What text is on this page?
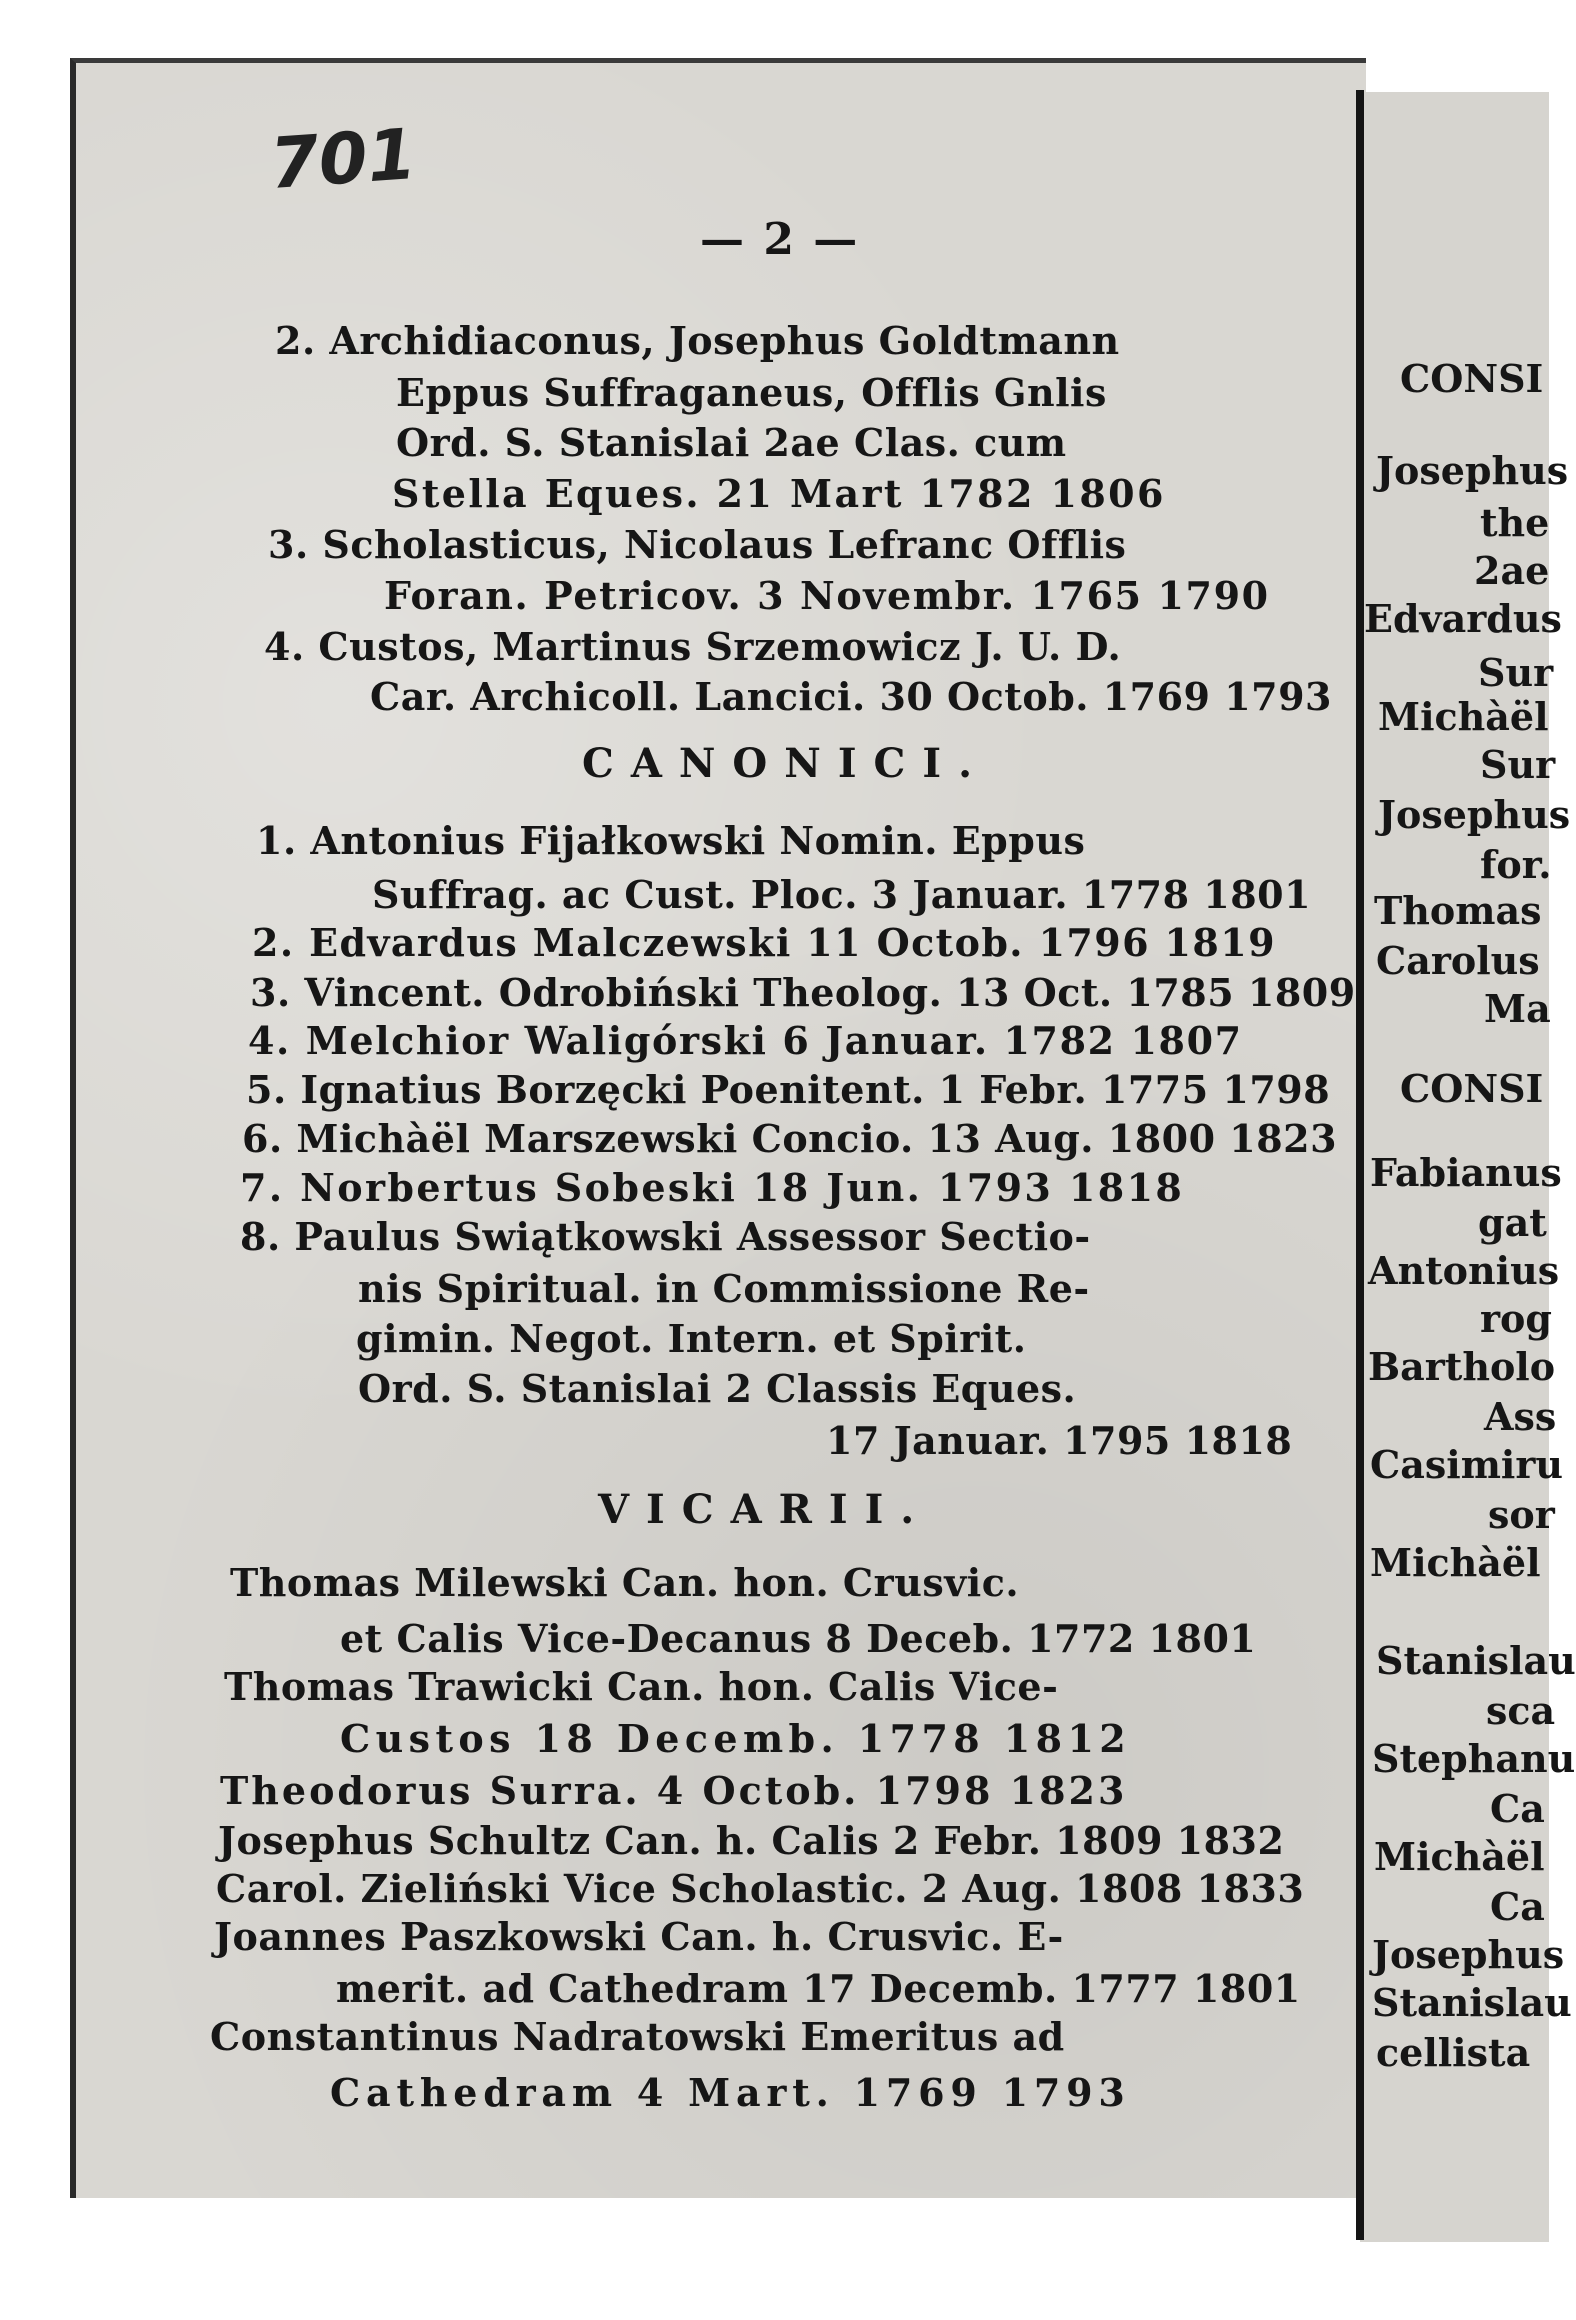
701
— 2 —
2. Archidiaconus, Josephus Goldtmann
Eppus Suffraganeus, Offlis Gnlis
Ord. S. Stanislai 2ae Clas. cum
Stella Eques. 21 Mart 1782 1806
3. Scholasticus, Nicolaus Lefranc Offlis
Foran. Petricov. 3 Novembr. 1765 1790
4. Custos, Martinus Srzemowicz J. U. D.
Car. Archicoll. Lancici. 30 Octob. 1769 1793
CANONICI.
1. Antonius Fijałkowski Nomin. Eppus
Suffrag. ac Cust. Ploc. 3 Januar. 1778 1801
2. Edvardus Malczewski 11 Octob. 1796 1819
3. Vincent. Odrobiński Theolog. 13 Oct. 1785 1809
4. Melchior Waligórski 6 Januar. 1782 1807
5. Ignatius Borzęcki Poenitent. 1 Febr. 1775 1798
6. Michàël Marszewski Concio. 13 Aug. 1800 1823
7. Norbertus Sobeski 18 Jun. 1793 1818
8. Paulus Swiątkowski Assessor Sectio-
nis Spiritual. in Commissione Re-
gimin. Negot. Intern. et Spirit.
Ord. S. Stanislai 2 Classis Eques.
17 Januar. 1795 1818
VICARII.
Thomas Milewski Can. hon. Crusvic.
et Calis Vice-Decanus 8 Deceb. 1772 1801
Thomas Trawicki Can. hon. Calis Vice-
Custos 18 Decemb. 1778 1812
Theodorus Surra. 4 Octob. 1798 1823
Josephus Schultz Can. h. Calis 2 Febr. 1809 1832
Carol. Zieliński Vice Scholastic. 2 Aug. 1808 1833
Joannes Paszkowski Can. h. Crusvic. E-
merit. ad Cathedram 17 Decemb. 1777 1801
Constantinus Nadratowski Emeritus ad
Cathedram 4 Mart. 1769 1793
CONSI
Josephus
the
2ae
Edvardus
Sur
Michàël
Sur
Josephus
for.
Thomas
Carolus
Ma
CONSI
Fabianus
gat
Antonius
rog
Bartholo
Ass
Casimiru
sor
Michàël
Stanislau
sca
Stephanu
Ca
Michàël
Ca
Josephus
Stanislau
cellista
